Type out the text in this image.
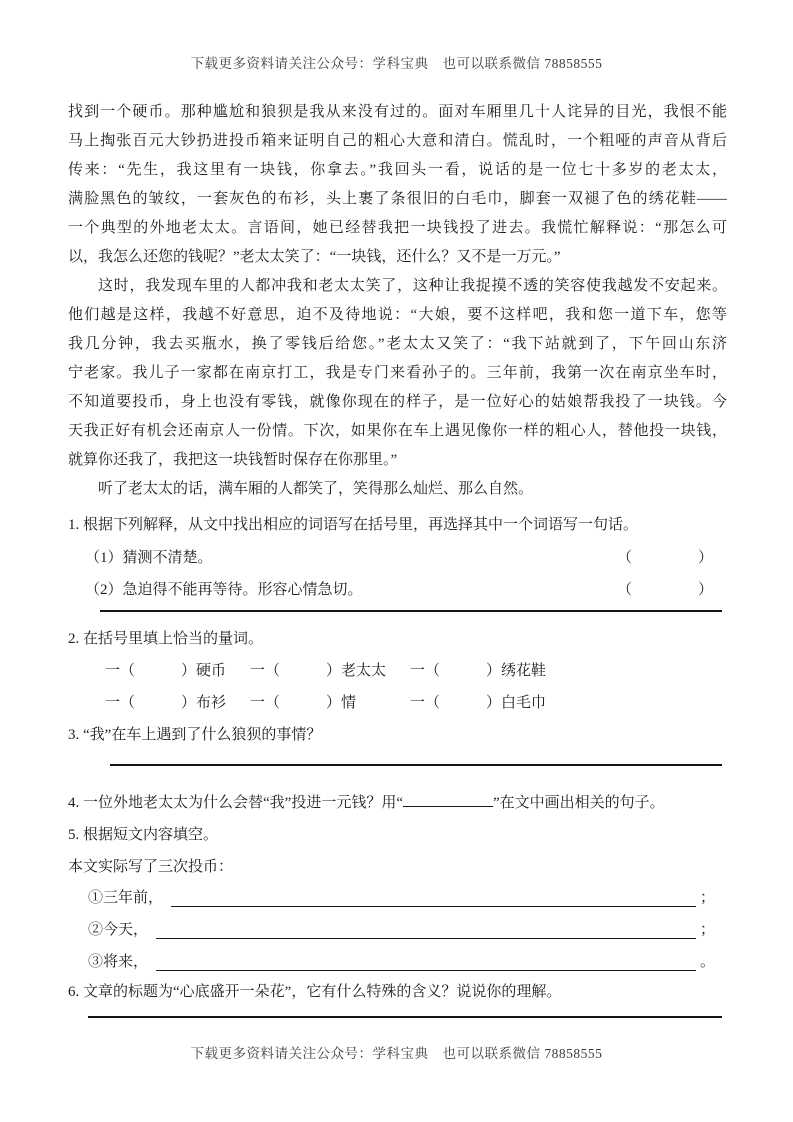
下载更多资料请关注公众号：学科宝典　也可以联系微信 78858555
找到一个硬币。那种尴尬和狼狈是我从来没有过的。面对车厢里几十人诧异的目光，我恨不能
马上掏张百元大钞扔进投币箱来证明自己的粗心大意和清白。慌乱时，一个粗哑的声音从背后
传来：“先生，我这里有一块钱，你拿去。”我回头一看，说话的是一位七十多岁的老太太，
满脸黑色的皱纹，一套灰色的布衫，头上裹了条很旧的白毛巾，脚套一双褪了色的绣花鞋——
一个典型的外地老太太。言语间，她已经替我把一块钱投了进去。我慌忙解释说：“那怎么可
以，我怎么还您的钱呢？”老太太笑了：“一块钱，还什么？又不是一万元。”
这时，我发现车里的人都冲我和老太太笑了，这种让我捉摸不透的笑容使我越发不安起来。
他们越是这样，我越不好意思，迫不及待地说：“大娘，要不这样吧，我和您一道下车，您等
我几分钟，我去买瓶水，换了零钱后给您。”老太太又笑了：“我下站就到了，下午回山东济
宁老家。我儿子一家都在南京打工，我是专门来看孙子的。三年前，我第一次在南京坐车时，
不知道要投币，身上也没有零钱，就像你现在的样子，是一位好心的姑娘帮我投了一块钱。今
天我正好有机会还南京人一份情。下次，如果你在车上遇见像你一样的粗心人，替他投一块钱，
就算你还我了，我把这一块钱暂时保存在你那里。”
听了老太太的话，满车厢的人都笑了，笑得那么灿烂、那么自然。
1. 根据下列解释，从文中找出相应的词语写在括号里，再选择其中一个词语写一句话。
（1）猜测不清楚。	（	）
（2）急迫得不能再等待。形容心情急切。	（	）
2. 在括号里填上恰当的量词。
一（	） 硬币 一（	） 老太太 一（	） 绣花鞋
一（	） 布衫 一（	） 情	一（	） 白毛巾
3. “我”在车上遇到了什么狼狈的事情？
4. 一位外地老太太为什么会替“我”投进一元钱？用“	”在文中画出相关的句子。
5. 根据短文内容填空。
本文实际写了三次投币：
①三年前，	；
②今天，	；
③将来，	。
6. 文章的标题为“心底盛开一朵花”，它有什么特殊的含义？说说你的理解。
下载更多资料请关注公众号：学科宝典　也可以联系微信 78858555
